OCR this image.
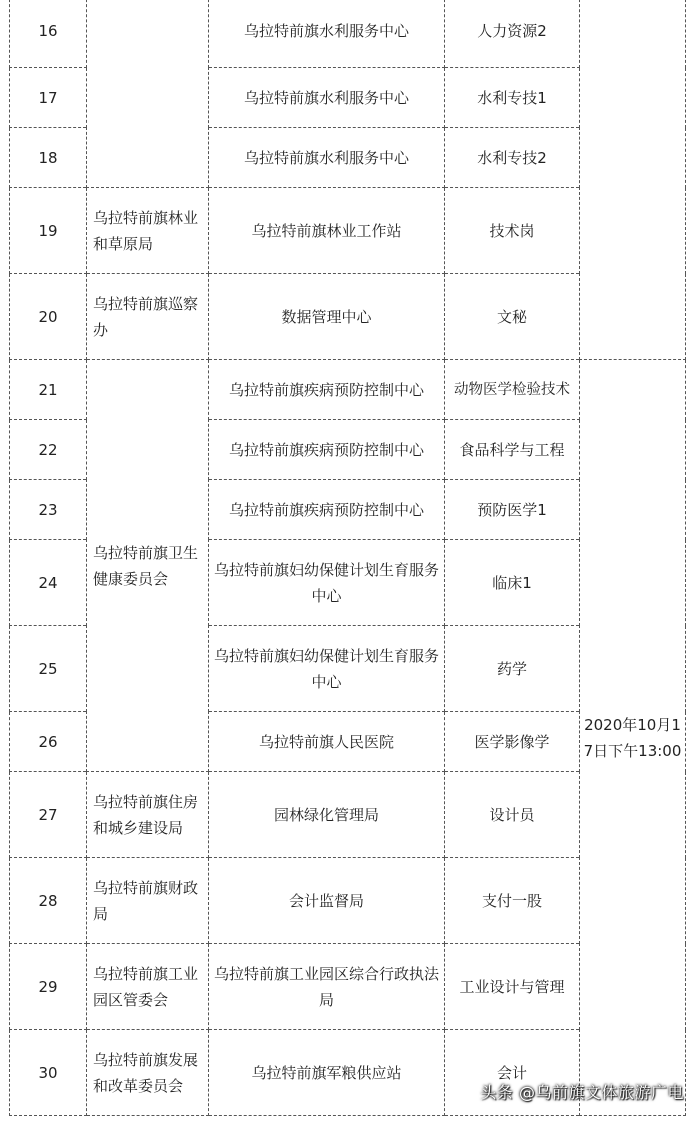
16		乌拉特前旗水利服务中心	人力资源2	
17		乌拉特前旗水利服务中心	水利专技1	
18		乌拉特前旗水利服务中心	水利专技2	
19	乌拉特前旗林业和草原局	乌拉特前旗林业工作站	技术岗	
20	乌拉特前旗巡察办	数据管理中心	文秘	
21	乌拉特前旗卫生健康委员会	乌拉特前旗疾病预防控制中心	动物医学检验技术	2020年10月17日下午13:00
22		乌拉特前旗疾病预防控制中心	食品科学与工程	
23		乌拉特前旗疾病预防控制中心	预防医学1	
24		乌拉特前旗妇幼保健计划生育服务中心	临床1	
25		乌拉特前旗妇幼保健计划生育服务中心	药学	
26		乌拉特前旗人民医院	医学影像学	
27	乌拉特前旗住房和城乡建设局	园林绿化管理局	设计员	
28	乌拉特前旗财政局	会计监督局	支付一股	
29	乌拉特前旗工业园区管委会	乌拉特前旗工业园区综合行政执法局	工业设计与管理	
30	乌拉特前旗发展和改革委员会	乌拉特前旗军粮供应站	会计	
头条 @乌前旗文体旅游广电
